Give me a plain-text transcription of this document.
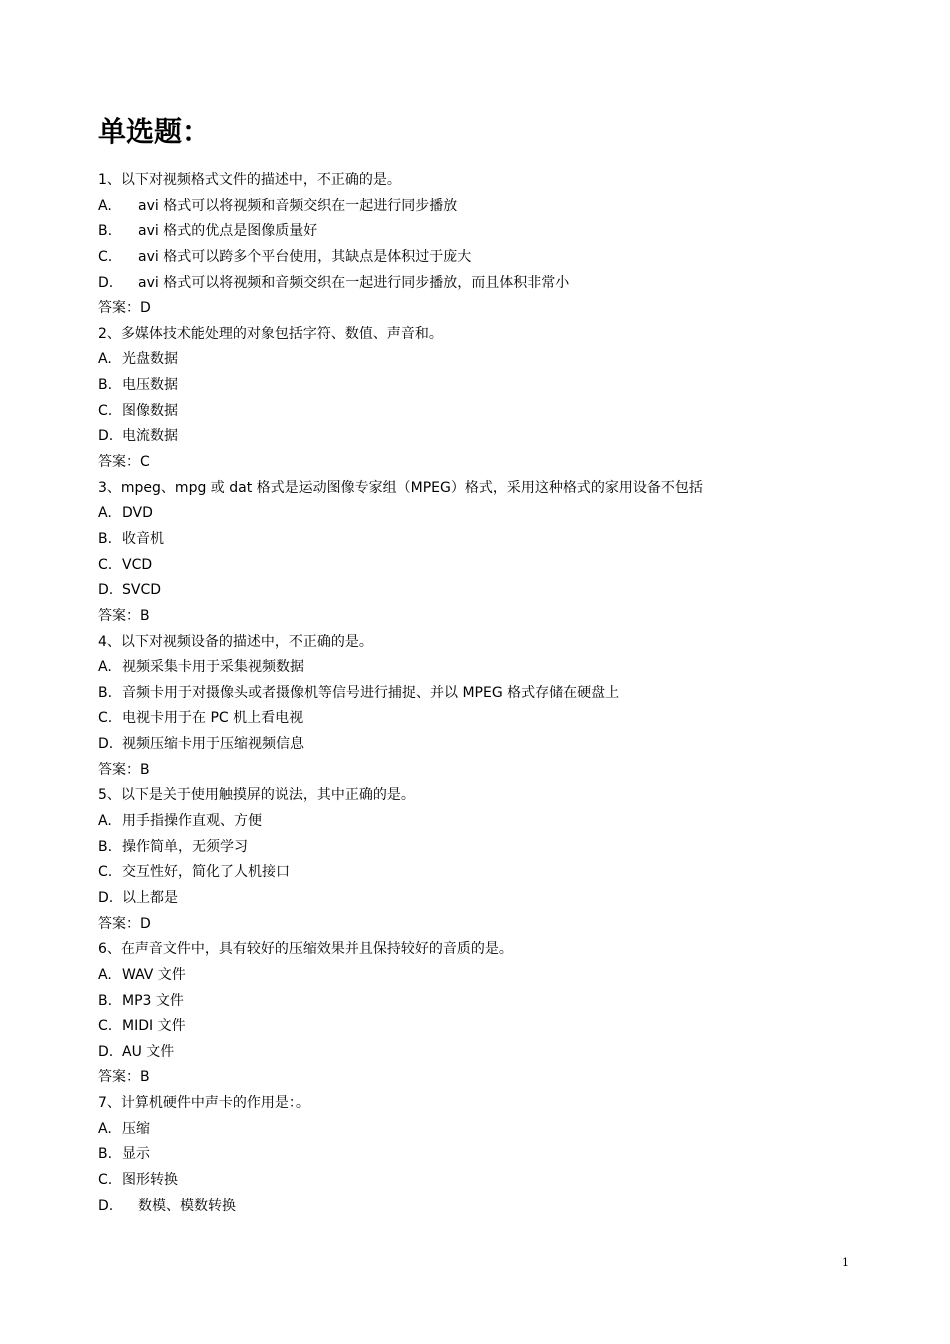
单选题：
1、以下对视频格式文件的描述中，不正确的是。
A. avi 格式可以将视频和音频交织在一起进行同步播放
B. avi 格式的优点是图像质量好
C. avi 格式可以跨多个平台使用，其缺点是体积过于庞大
D. avi 格式可以将视频和音频交织在一起进行同步播放，而且体积非常小
答案：D
2、多媒体技术能处理的对象包括字符、数值、声音和。
A. 光盘数据
B. 电压数据
C. 图像数据
D. 电流数据
答案：C
3、mpeg、mpg 或 dat 格式是运动图像专家组（MPEG）格式，采用这种格式的家用设备不包括
A. DVD
B. 收音机
C. VCD
D. SVCD
答案：B
4、以下对视频设备的描述中，不正确的是。
A. 视频采集卡用于采集视频数据
B. 音频卡用于对摄像头或者摄像机等信号进行捕捉、并以 MPEG 格式存储在硬盘上
C. 电视卡用于在 PC 机上看电视
D. 视频压缩卡用于压缩视频信息
答案：B
5、以下是关于使用触摸屏的说法，其中正确的是。
A. 用手指操作直观、方便
B. 操作简单，无须学习
C. 交互性好，简化了人机接口
D. 以上都是
答案：D
6、在声音文件中，具有较好的压缩效果并且保持较好的音质的是。
A. WAV 文件
B. MP3 文件
C. MIDI 文件
D. AU 文件
答案：B
7、计算机硬件中声卡的作用是：。
A. 压缩
B. 显示
C. 图形转换
D. 数模、模数转换
1
